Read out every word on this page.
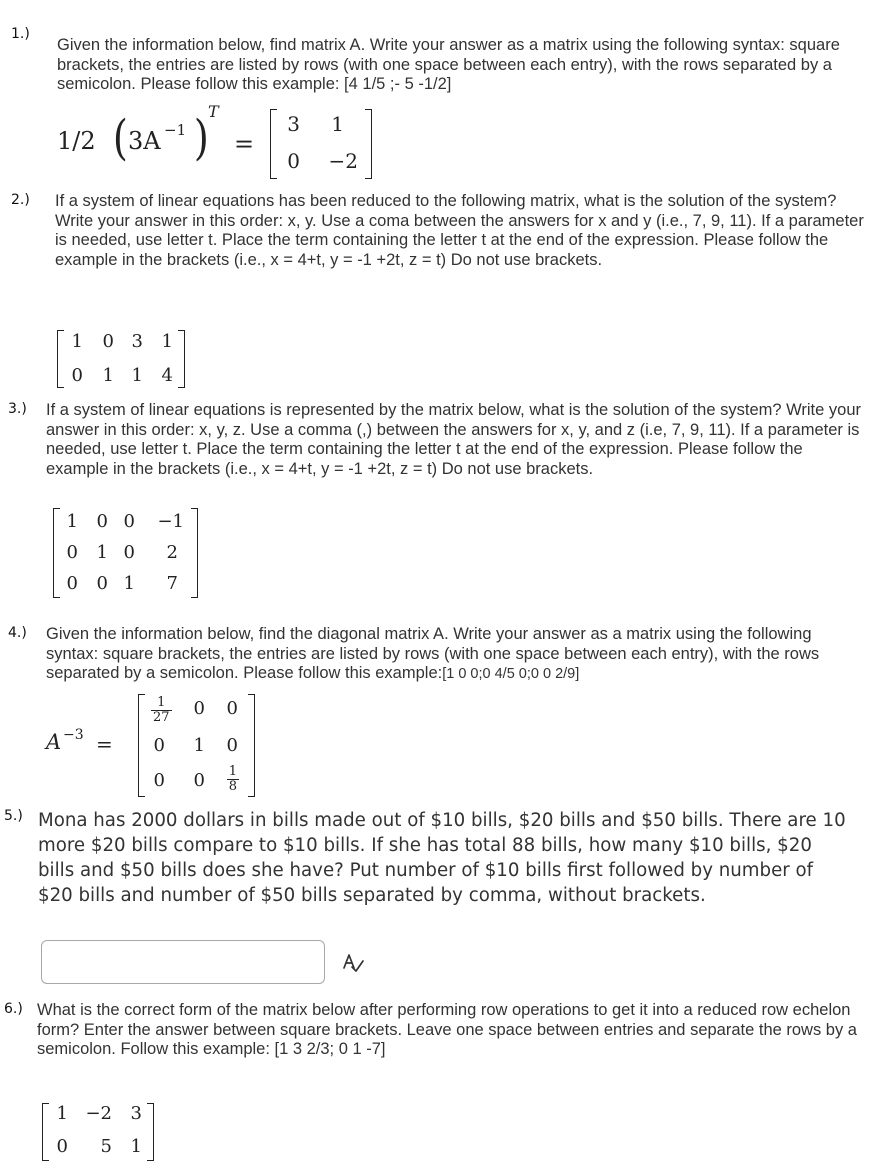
1.)
Given the information below, find matrix A. Write your answer as a matrix using the following syntax: square brackets, the entries are listed by rows (with one space between each entry), with the rows separated by a semicolon. Please follow this example: [4 1/5 ;- 5 -1/2]
1/2 ( 3A −1 ) T
=
3 1
0 −2
2.) If a system of linear equations has been reduced to the following matrix, what is the solution of the system? Write your answer in this order: x, y. Use a coma between the answers for x and y (i.e., 7, 9, 11). If a parameter is needed, use letter t. Place the term containing the letter t at the end of the expression. Please follow the example in the brackets (i.e., x = 4+t, y = -1 +2t, z = t) Do not use brackets.
1 0 3 1
0 1 1 4
3.) If a system of linear equations is represented by the matrix below, what is the solution of the system? Write your answer in this order: x, y, z. Use a comma (,) between the answers for x, y, and z (i.e, 7, 9, 11). If a parameter is needed, use letter t. Place the term containing the letter t at the end of the expression. Please follow the example in the brackets (i.e., x = 4+t, y = -1 +2t, z = t) Do not use brackets.
1 0 0 −1
0 1 0 2
0 0 1 7
4.) Given the information below, find the diagonal matrix A. Write your answer as a matrix using the following syntax: square brackets, the entries are listed by rows (with one space between each entry), with the rows separated by a semicolon. Please follow this example:[1 0 0;0 4/5 0;0 0 2/9]
A −3 =
$\frac{1}{27} 0$ 0
0 1 0
0 $0 \frac{1}{8}$
5.) Mona has 2000 dollars in bills made out of $10 bills, $20 bills and $50 bills. There are 10 more $20 bills compare to $10 bills. If she has total 88 bills, how many $10 bills, $20 bills and $50 bills does she have? Put number of $10 bills first followed by number of $20 bills and number of $50 bills separated by comma, without brackets.
6.) What is the correct form of the matrix below after performing row operations to get it into a reduced row echelon form? Enter the answer between square brackets. Leave one space between entries and separate the rows by a semicolon. Follow this example: [1 3 2/3; 0 1 -7]
1 −2 3
0 5 1
